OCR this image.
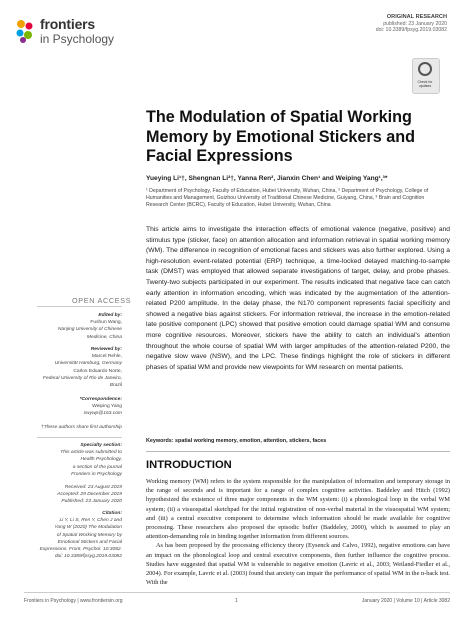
frontiers
in Psychology
ORIGINAL RESEARCH
published: 23 January 2020
doi: 10.3389/fpsyg.2019.03082
Check for updates
The Modulation of Spatial Working Memory by Emotional Stickers and Facial Expressions
Yueying Li¹†, Shengnan Li²†, Yanna Ren², Jianxin Chen¹ and Weiping Yang¹,³*
¹ Department of Psychology, Faculty of Education, Hubei University, Wuhan, China, ² Department of Psychology, College of Humanities and Management, Guizhou University of Traditional Chinese Medicine, Guiyang, China, ³ Brain and Cognition Research Center (BCRC), Faculty of Education, Hubei University, Wuhan, China
This article aims to investigate the interaction effects of emotional valence (negative, positive) and stimulus type (sticker, face) on attention allocation and information retrieval in spatial working memory (WM). The difference in recognition of emotional faces and stickers was also further explored. Using a high-resolution event-related potential (ERP) technique, a time-locked delayed matching-to-sample task (DMST) was employed that allowed separate investigations of target, delay, and probe phases. Twenty-two subjects participated in our experiment. The results indicated that negative face can catch early attention in information encoding, which was indicated by the augmentation of the attention-related P200 amplitude. In the delay phase, the N170 component represents facial specificity and showed a negative bias against stickers. For information retrieval, the increase in the emotion-related late positive component (LPC) showed that positive emotion could damage spatial WM and consume more cognitive resources. Moreover, stickers have the ability to catch an individual's attention throughout the whole course of spatial WM with larger amplitudes of the attention-related P200, the negative slow wave (NSW), and the LPC. These findings highlight the role of stickers in different phases of spatial WM and provide new viewpoints for WM research on mental patients.
Keywords: spatial working memory, emotion, attention, stickers, faces
INTRODUCTION

Working memory (WM) refers to the system responsible for the manipulation of information and temporary storage in the range of seconds and is important for a range of complex cognitive activities. Baddeley and Hitch (1992) hypothesized the existence of three major components in the WM system: (i) a phonological loop in the verbal WM system; (ii) a visuospatial sketchpad for the initial registration of non-verbal material in the visuospatial WM system; and (iii) a central executive component to determine which information should be made available for cognitive processing. These researchers also proposed the episodic buffer (Baddeley, 2000), which is assumed to play an attention-demanding role in binding together information from different sources.

As has been proposed by the processing efficiency theory (Eysenck and Calvo, 1992), negative emotions can have an impact on the phonological loop and central executive components, then further influence the cognitive process. Studies have suggested that spatial WM is vulnerable to negative emotion (Lavric et al., 2003; Weiland-Fiedler et al., 2004). For example, Lavric et al. (2003) found that anxiety can impair the performance of spatial WM in the n-back test. With the

OPEN ACCESS
Edited by:
Fushun Wang,
Nanjing University of Chinese
Medicine, China
Reviewed by:
Marcel Rehle,
Universität Hamburg, Germany
Carlos Eduardo Norte,
Federal University of Rio de Janeiro,
Brazil
*Correspondence:
Weiping Yang
swywp@163.com
†These authors share first authorship
Specialty section:
This article was submitted to
Health Psychology,
a section of the journal
Frontiers in Psychology
Received: 23 August 2019
Accepted: 29 December 2019
Published: 23 January 2020
Citation:
Li Y, Li S, Ren Y, Chen J and
Yang W (2020) The Modulation
of Spatial Working Memory by
Emotional Stickers and Facial
Expressions. Front. Psychol. 10:3082.
doi: 10.3389/fpsyg.2019.03082
Frontiers in Psychology | www.frontiersin.org	1	January 2020 | Volume 10 | Article 3082
